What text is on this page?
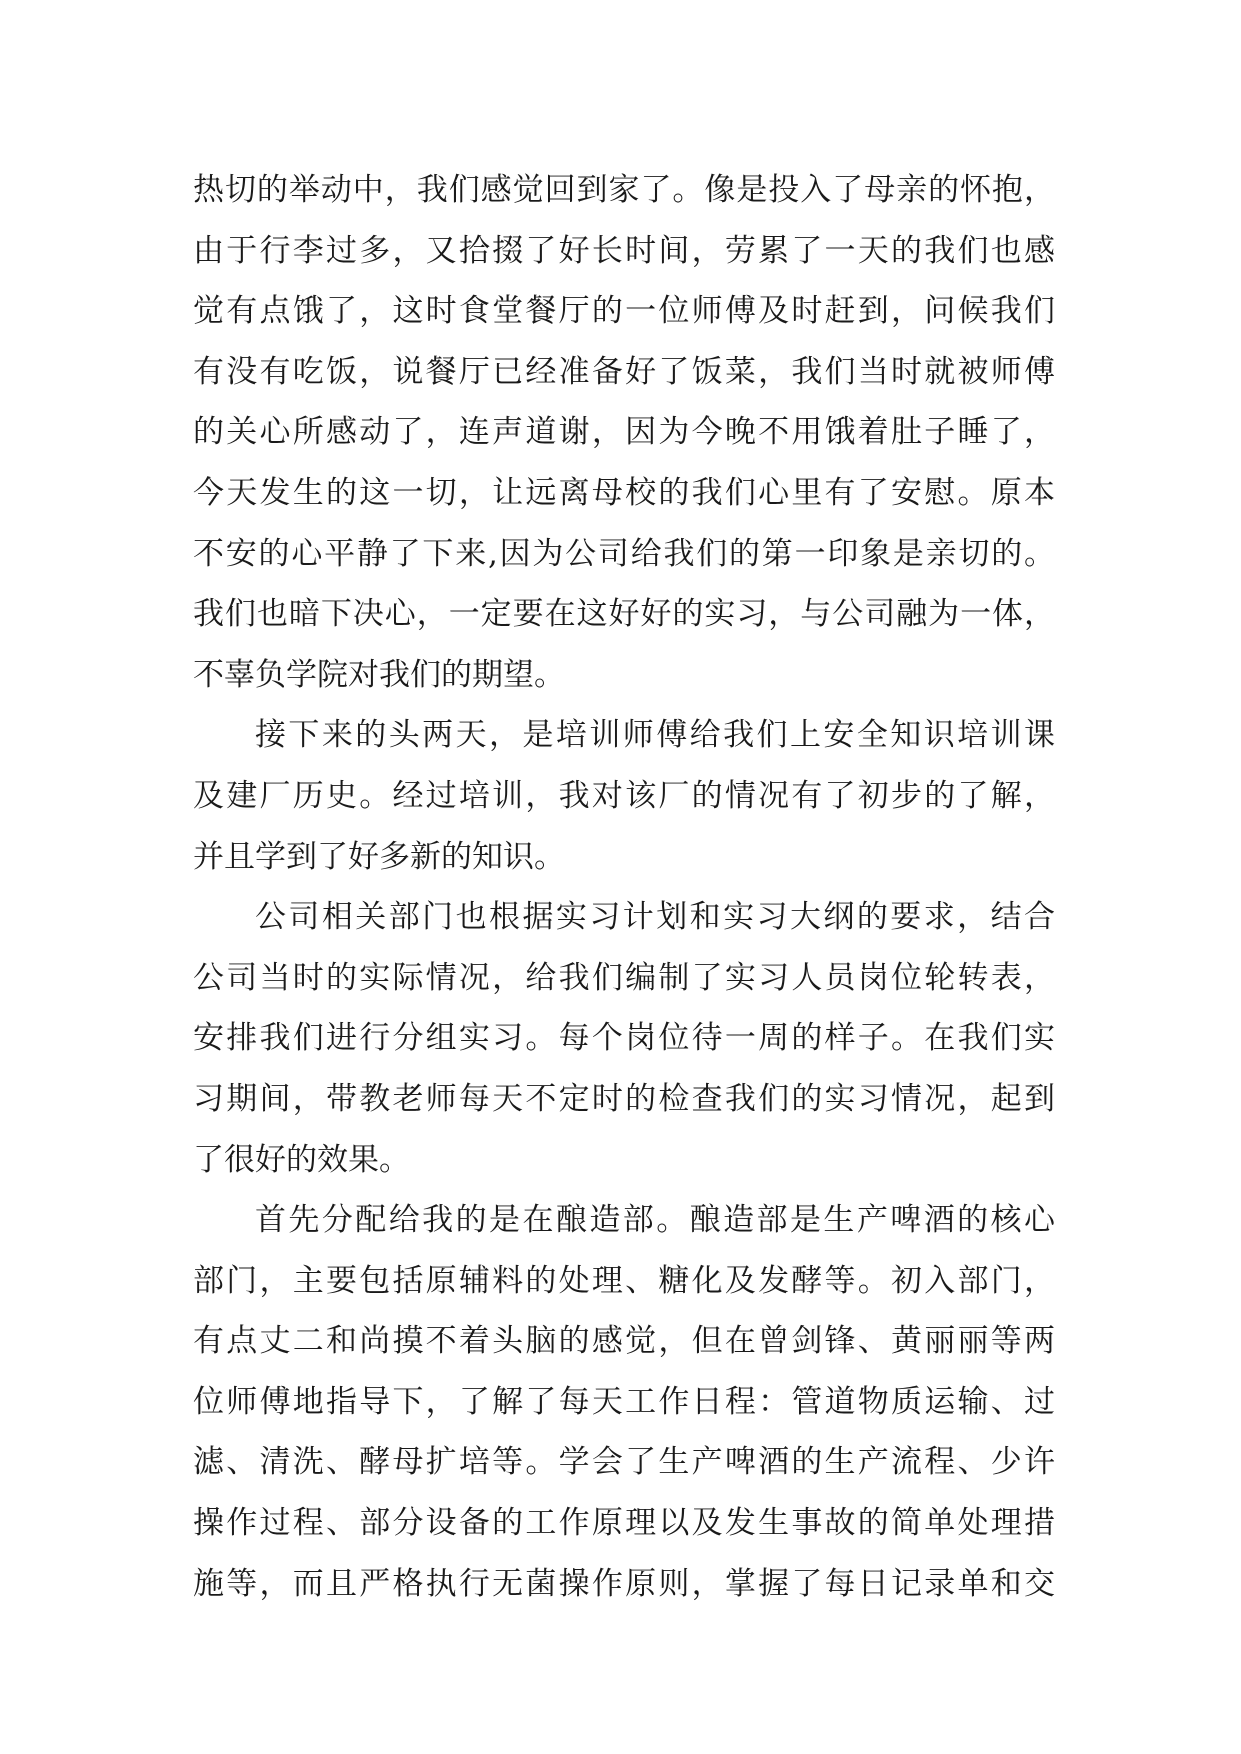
热切的举动中，我们感觉回到家了。像是投入了母亲的怀抱，
由于行李过多，又拾掇了好长时间，劳累了一天的我们也感
觉有点饿了，这时食堂餐厅的一位师傅及时赶到，问候我们
有没有吃饭，说餐厅已经准备好了饭菜，我们当时就被师傅
的关心所感动了，连声道谢，因为今晚不用饿着肚子睡了，
今天发生的这一切，让远离母校的我们心里有了安慰。原本
不安的心平静了下来,因为公司给我们的第一印象是亲切的。
我们也暗下决心，一定要在这好好的实习，与公司融为一体，
不辜负学院对我们的期望。
接下来的头两天，是培训师傅给我们上安全知识培训课
及建厂历史。经过培训，我对该厂的情况有了初步的了解，
并且学到了好多新的知识。
公司相关部门也根据实习计划和实习大纲的要求，结合
公司当时的实际情况，给我们编制了实习人员岗位轮转表，
安排我们进行分组实习。每个岗位待一周的样子。在我们实
习期间，带教老师每天不定时的检查我们的实习情况，起到
了很好的效果。
首先分配给我的是在酿造部。酿造部是生产啤酒的核心
部门，主要包括原辅料的处理、糖化及发酵等。初入部门，
有点丈二和尚摸不着头脑的感觉，但在曾剑锋、黄丽丽等两
位师傅地指导下，了解了每天工作日程：管道物质运输、过
滤、清洗、酵母扩培等。学会了生产啤酒的生产流程、少许
操作过程、部分设备的工作原理以及发生事故的简单处理措
施等，而且严格执行无菌操作原则，掌握了每日记录单和交
